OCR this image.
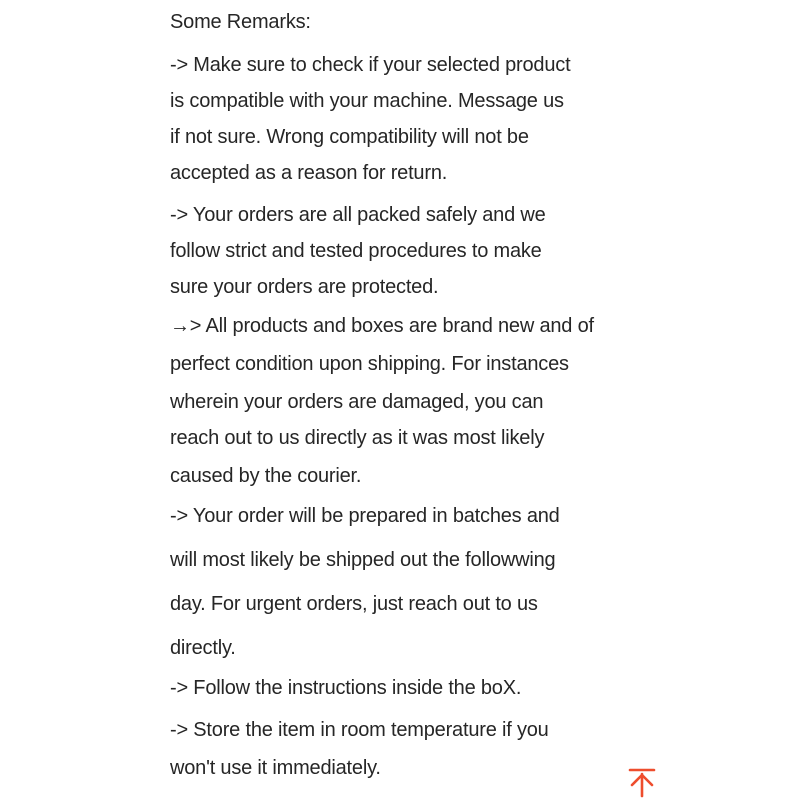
Some Remarks:
-> Make sure to check if your selected product
is compatible with your machine. Message us
if not sure. Wrong compatibility will not be
accepted as a reason for return.
-> Your orders are all packed safely and we
follow strict and tested procedures to make
sure your orders are protected.
→> All products and boxes are brand new and of
perfect condition upon shipping. For instances
wherein your orders are damaged, you can
reach out to us directly as it was most likely
caused by the courier.
-> Your order will be prepared in batches and
will most likely be shipped out the followwing
day. For urgent orders, just reach out to us
directly.
-> Follow the instructions inside the boX.
-> Store the item in room temperature if you
won't use it immediately.
